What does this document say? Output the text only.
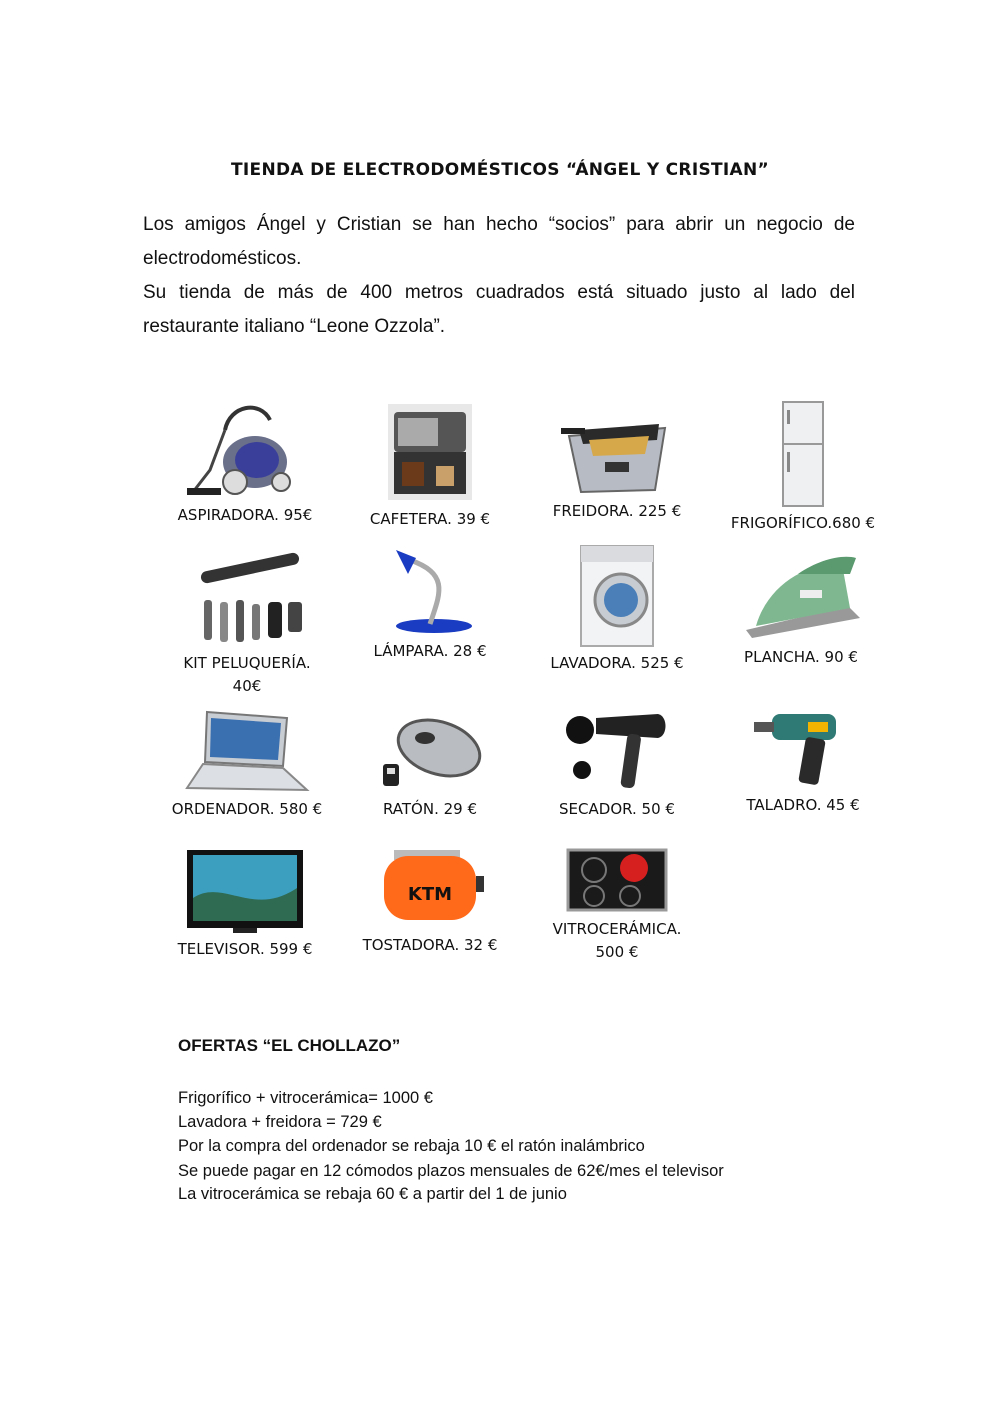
TIENDA DE ELECTRODOMÉSTICOS “ÁNGEL Y CRISTIAN”

Los amigos Ángel y Cristian se han hecho “socios” para abrir un negocio de electrodomésticos.

Su tienda de más de 400 metros cuadrados está situado justo al lado del restaurante italiano “Leone Ozzola”.

ASPIRADORA. 95€	CAFETERA. 39 €	FREIDORA. 225 €
FRIGORÍFICO.680 €
KIT PELUQUERÍA. 40€
LÁMPARA. 28 €
LAVADORA. 525 €	PLANCHA. 90 €
ORDENADOR. 580 €	RATÓN. 29 €	SECADOR. 50 €	TALADRO. 45 €
TELEVISOR. 599 €
KTM
TOSTADORA. 32 €
VITROCERÁMICA. 500 €
OFERTAS “EL CHOLLAZO”
Frigorífico + vitrocerámica= 1000 €
Lavadora + freidora = 729 €
Por la compra del ordenador se rebaja 10 € el ratón inalámbrico
Se puede pagar en 12 cómodos plazos mensuales de 62€/mes el televisor
La vitrocerámica se rebaja 60 € a partir del 1 de junio
